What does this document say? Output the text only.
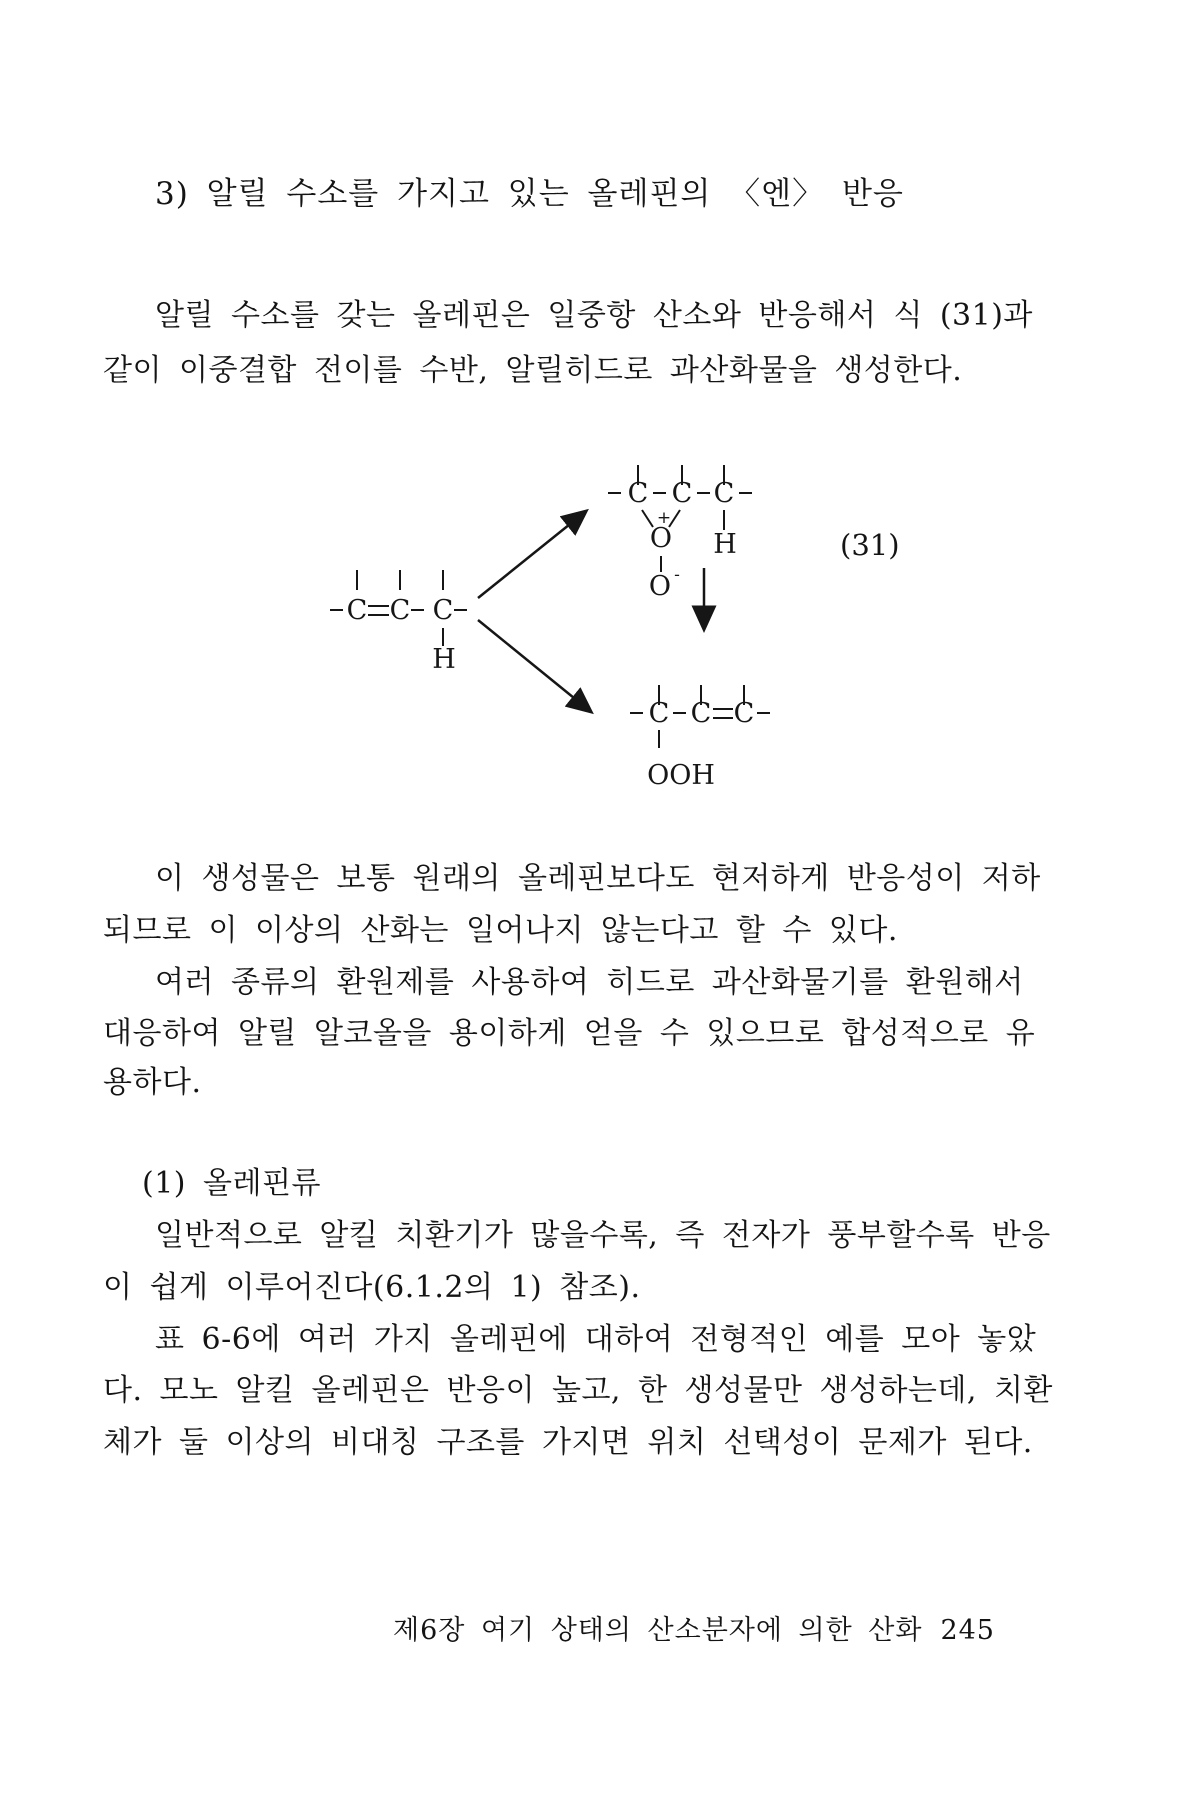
3) 알릴 수소를 가지고 있는 올레핀의 〈엔〉 반응
알릴 수소를 갖는 올레핀은 일중항 산소와 반응해서 식 (31)과
같이 이중결합 전이를 수반, 알릴히드로 과산화물을 생성한다.
C C C
H
C C C
+
O H
O -
C C C
OOH
(31)
이 생성물은 보통 원래의 올레핀보다도 현저하게 반응성이 저하
되므로 이 이상의 산화는 일어나지 않는다고 할 수 있다.
여러 종류의 환원제를 사용하여 히드로 과산화물기를 환원해서
대응하여 알릴 알코올을 용이하게 얻을 수 있으므로 합성적으로 유
용하다.
(1) 올레핀류
일반적으로 알킬 치환기가 많을수록, 즉 전자가 풍부할수록 반응
이 쉽게 이루어진다(6.1.2의 1) 참조).
표 6-6에 여러 가지 올레핀에 대하여 전형적인 예를 모아 놓았
다. 모노 알킬 올레핀은 반응이 높고, 한 생성물만 생성하는데, 치환
체가 둘 이상의 비대칭 구조를 가지면 위치 선택성이 문제가 된다.
제6장 여기 상태의 산소분자에 의한 산화 245
